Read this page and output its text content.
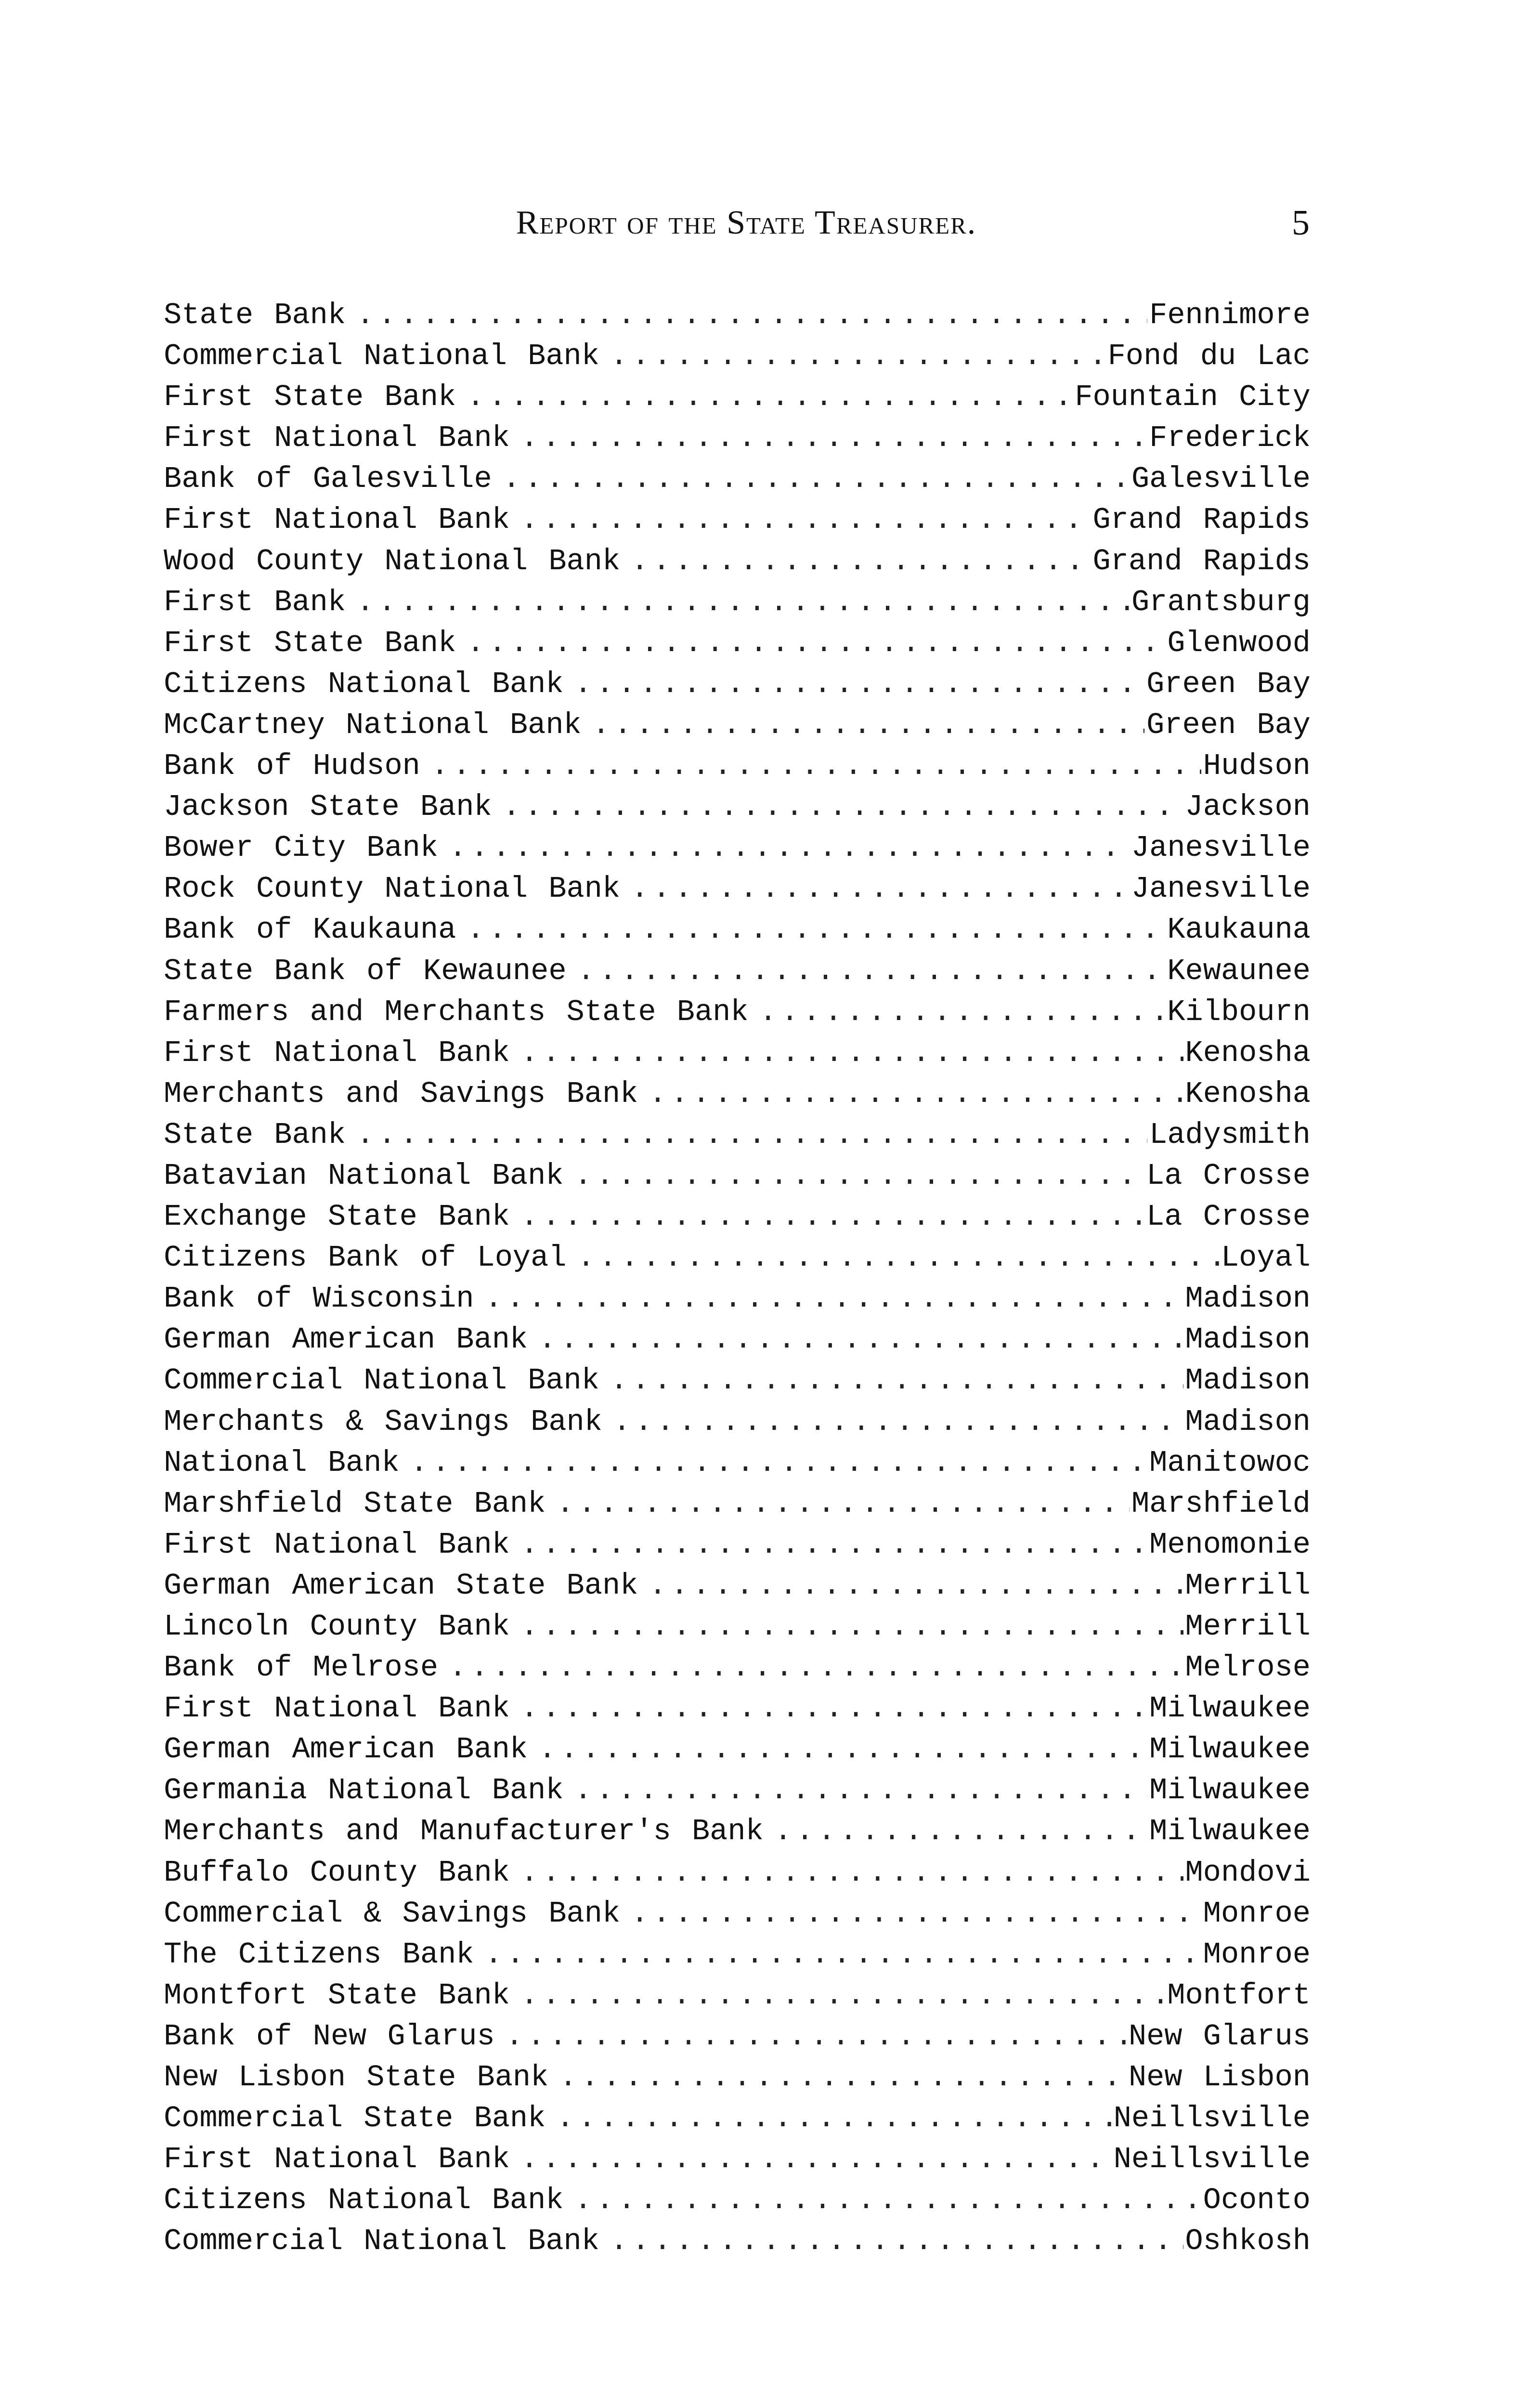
Report of the State Treasurer.	5
State Bank .....	Fennimore
Commercial National Bank .....	Fond du Lac
First State Bank .....	Fountain City
First National Bank .....	Frederick
Bank of Galesville .....	Galesville
First National Bank .....	Grand Rapids
Wood County National Bank .....	Grand Rapids
First Bank .....	Grantsburg
First State Bank .....	Glenwood
Citizens National Bank .....	Green Bay
McCartney National Bank .....	Green Bay
Bank of Hudson .....	Hudson
Jackson State Bank .....	Jackson
Bower City Bank .....	Janesville
Rock County National Bank .....	Janesville
Bank of Kaukauna .....	Kaukauna
State Bank of Kewaunee .....	Kewaunee
Farmers and Merchants State Bank .....	Kilbourn
First National Bank .....	Kenosha
Merchants and Savings Bank .....	Kenosha
State Bank .....	Ladysmith
Batavian National Bank .....	La Crosse
Exchange State Bank .....	La Crosse
Citizens Bank of Loyal .....	Loyal
Bank of Wisconsin .....	Madison
German American Bank .....	Madison
Commercial National Bank .....	Madison
Merchants & Savings Bank .....	Madison
National Bank .....	Manitowoc
Marshfield State Bank .....	Marshfield
First National Bank .....	Menomonie
German American State Bank .....	Merrill
Lincoln County Bank .....	Merrill
Bank of Melrose .....	Melrose
First National Bank .....	Milwaukee
German American Bank .....	Milwaukee
Germania National Bank .....	Milwaukee
Merchants and Manufacturer's Bank .....	Milwaukee
Buffalo County Bank .....	Mondovi
Commercial & Savings Bank .....	Monroe
The Citizens Bank .....	Monroe
Montfort State Bank .....	Montfort
Bank of New Glarus .....	New Glarus
New Lisbon State Bank .....	New Lisbon
Commercial State Bank .....	Neillsville
First National Bank .....	Neillsville
Citizens National Bank .....	Oconto
Commercial National Bank .....	Oshkosh
